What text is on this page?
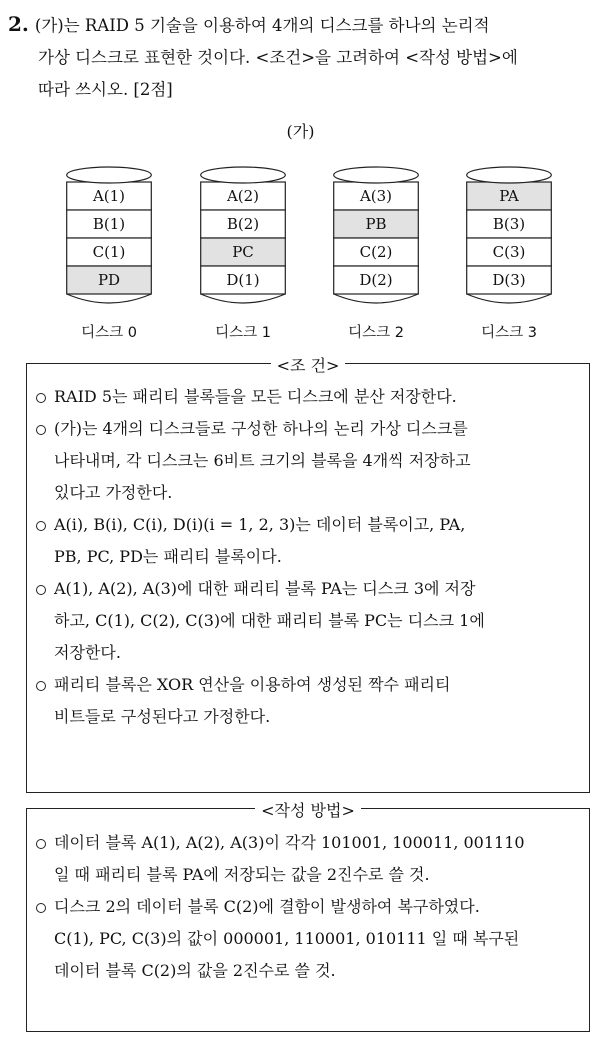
2. (가)는 RAID 5 기술을 이용하여 4개의 디스크를 하나의 논리적
가상 디스크로 표현한 것이다. <조건>을 고려하여 <작성 방법>에
따라 쓰시오. [2점]
(가)
A(1)
B(1)
C(1)
PD
디스크 0
A(2)
B(2)
PC
D(1)
디스크 1
A(3)
PB
C(2)
D(2)
디스크 2
PA
B(3)
C(3)
D(3)
디스크 3
<조 건>
RAID 5는 패리티 블록들을 모든 디스크에 분산 저장한다.
(가)는 4개의 디스크들로 구성한 하나의 논리 가상 디스크를
나타내며, 각 디스크는 6비트 크기의 블록을 4개씩 저장하고
있다고 가정한다.
A(i), B(i), C(i), D(i)(i = 1, 2, 3)는 데이터 블록이고, PA,
PB, PC, PD는 패리티 블록이다.
A(1), A(2), A(3)에 대한 패리티 블록 PA는 디스크 3에 저장
하고, C(1), C(2), C(3)에 대한 패리티 블록 PC는 디스크 1에
저장한다.
패리티 블록은 XOR 연산을 이용하여 생성된 짝수 패리티
비트들로 구성된다고 가정한다.
<작성 방법>
데이터 블록 A(1), A(2), A(3)이 각각 101001, 100011, 001110
일 때 패리티 블록 PA에 저장되는 값을 2진수로 쓸 것.
디스크 2의 데이터 블록 C(2)에 결함이 발생하여 복구하였다.
C(1), PC, C(3)의 값이 000001, 110001, 010111 일 때 복구된
데이터 블록 C(2)의 값을 2진수로 쓸 것.
